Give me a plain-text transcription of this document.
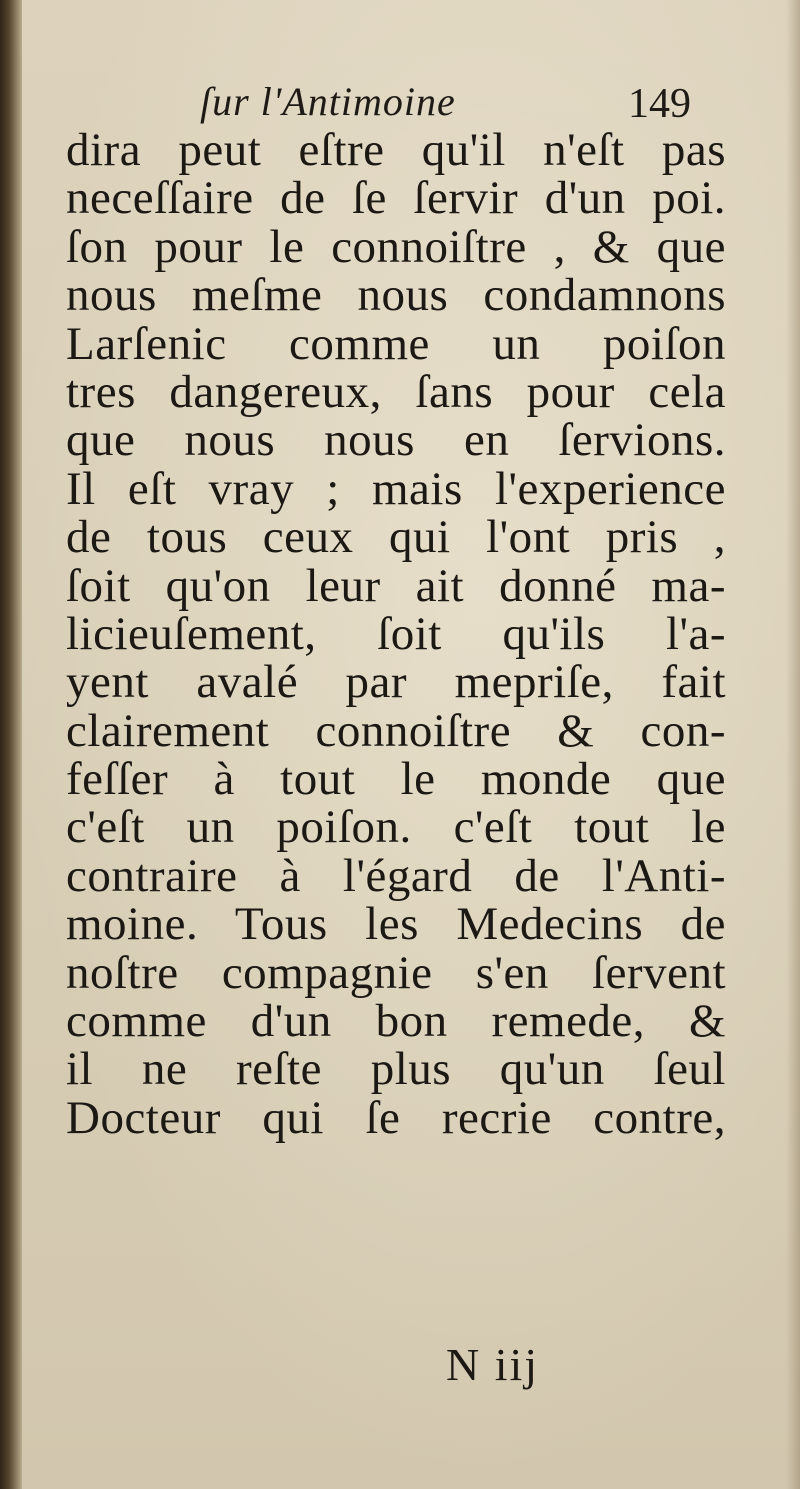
ſur l'Antimoine	149
dira peut eſtre qu'il n'eſt pas
neceſſaire de ſe ſervir d'un poi.
ſon pour le connoiſtre , & que
nous meſme nous condamnons
Larſenic comme un poiſon
tres dangereux, ſans pour cela
que nous nous en ſervions.
Il eſt vray ; mais l'experience
de tous ceux qui l'ont pris ,
ſoit qu'on leur ait donné ma-
licieuſement, ſoit qu'ils l'a-
yent avalé par mepriſe, fait
clairement connoiſtre & con-
feſſer à tout le monde que
c'eſt un poiſon. c'eſt tout le
contraire à l'égard de l'Anti-
moine. Tous les Medecins de
noſtre compagnie s'en ſervent
comme d'un bon remede, &
il ne reſte plus qu'un ſeul
Docteur qui ſe recrie contre,
N iij
